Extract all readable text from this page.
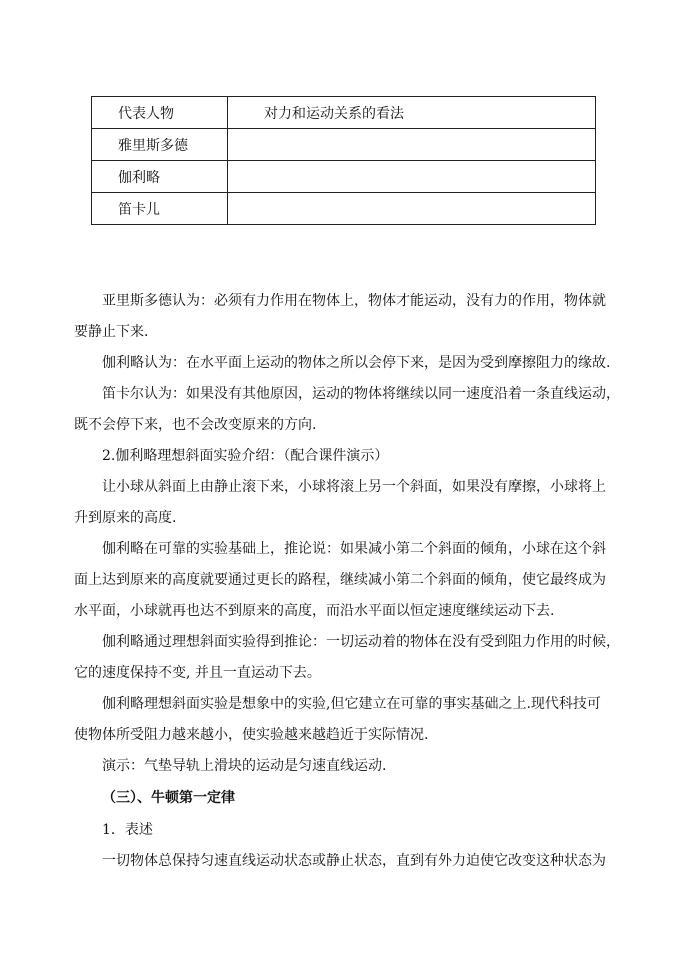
代表人物	对力和运动关系的看法
雅里斯多德	
伽利略	
笛卡儿	

亚里斯多德认为：必须有力作用在物体上，物体才能运动，没有力的作用，物体就

要静止下来.

伽利略认为：在水平面上运动的物体之所以会停下来，是因为受到摩擦阻力的缘故.

笛卡尔认为：如果没有其他原因，运动的物体将继续以同一速度沿着一条直线运动，

既不会停下来，也不会改变原来的方向.

2.伽利略理想斜面实验介绍：（配合课件演示）

让小球从斜面上由静止滚下来，小球将滚上另一个斜面，如果没有摩擦，小球将上

升到原来的高度.

伽利略在可靠的实验基础上，推论说：如果减小第二个斜面的倾角，小球在这个斜

面上达到原来的高度就要通过更长的路程，继续减小第二个斜面的倾角，使它最终成为

水平面，小球就再也达不到原来的高度，而沿水平面以恒定速度继续运动下去.

伽利略通过理想斜面实验得到推论：一切运动着的物体在没有受到阻力作用的时候，

它的速度保持不变, 并且一直运动下去。

伽利略理想斜面实验是想象中的实验,但它建立在可靠的事实基础之上.现代科技可

使物体所受阻力越来越小，使实验越来越趋近于实际情况.

演示：气垫导轨上滑块的运动是匀速直线运动.

（三）、牛顿第一定律

1．表述

一切物体总保持匀速直线运动状态或静止状态，直到有外力迫使它改变这种状态为
